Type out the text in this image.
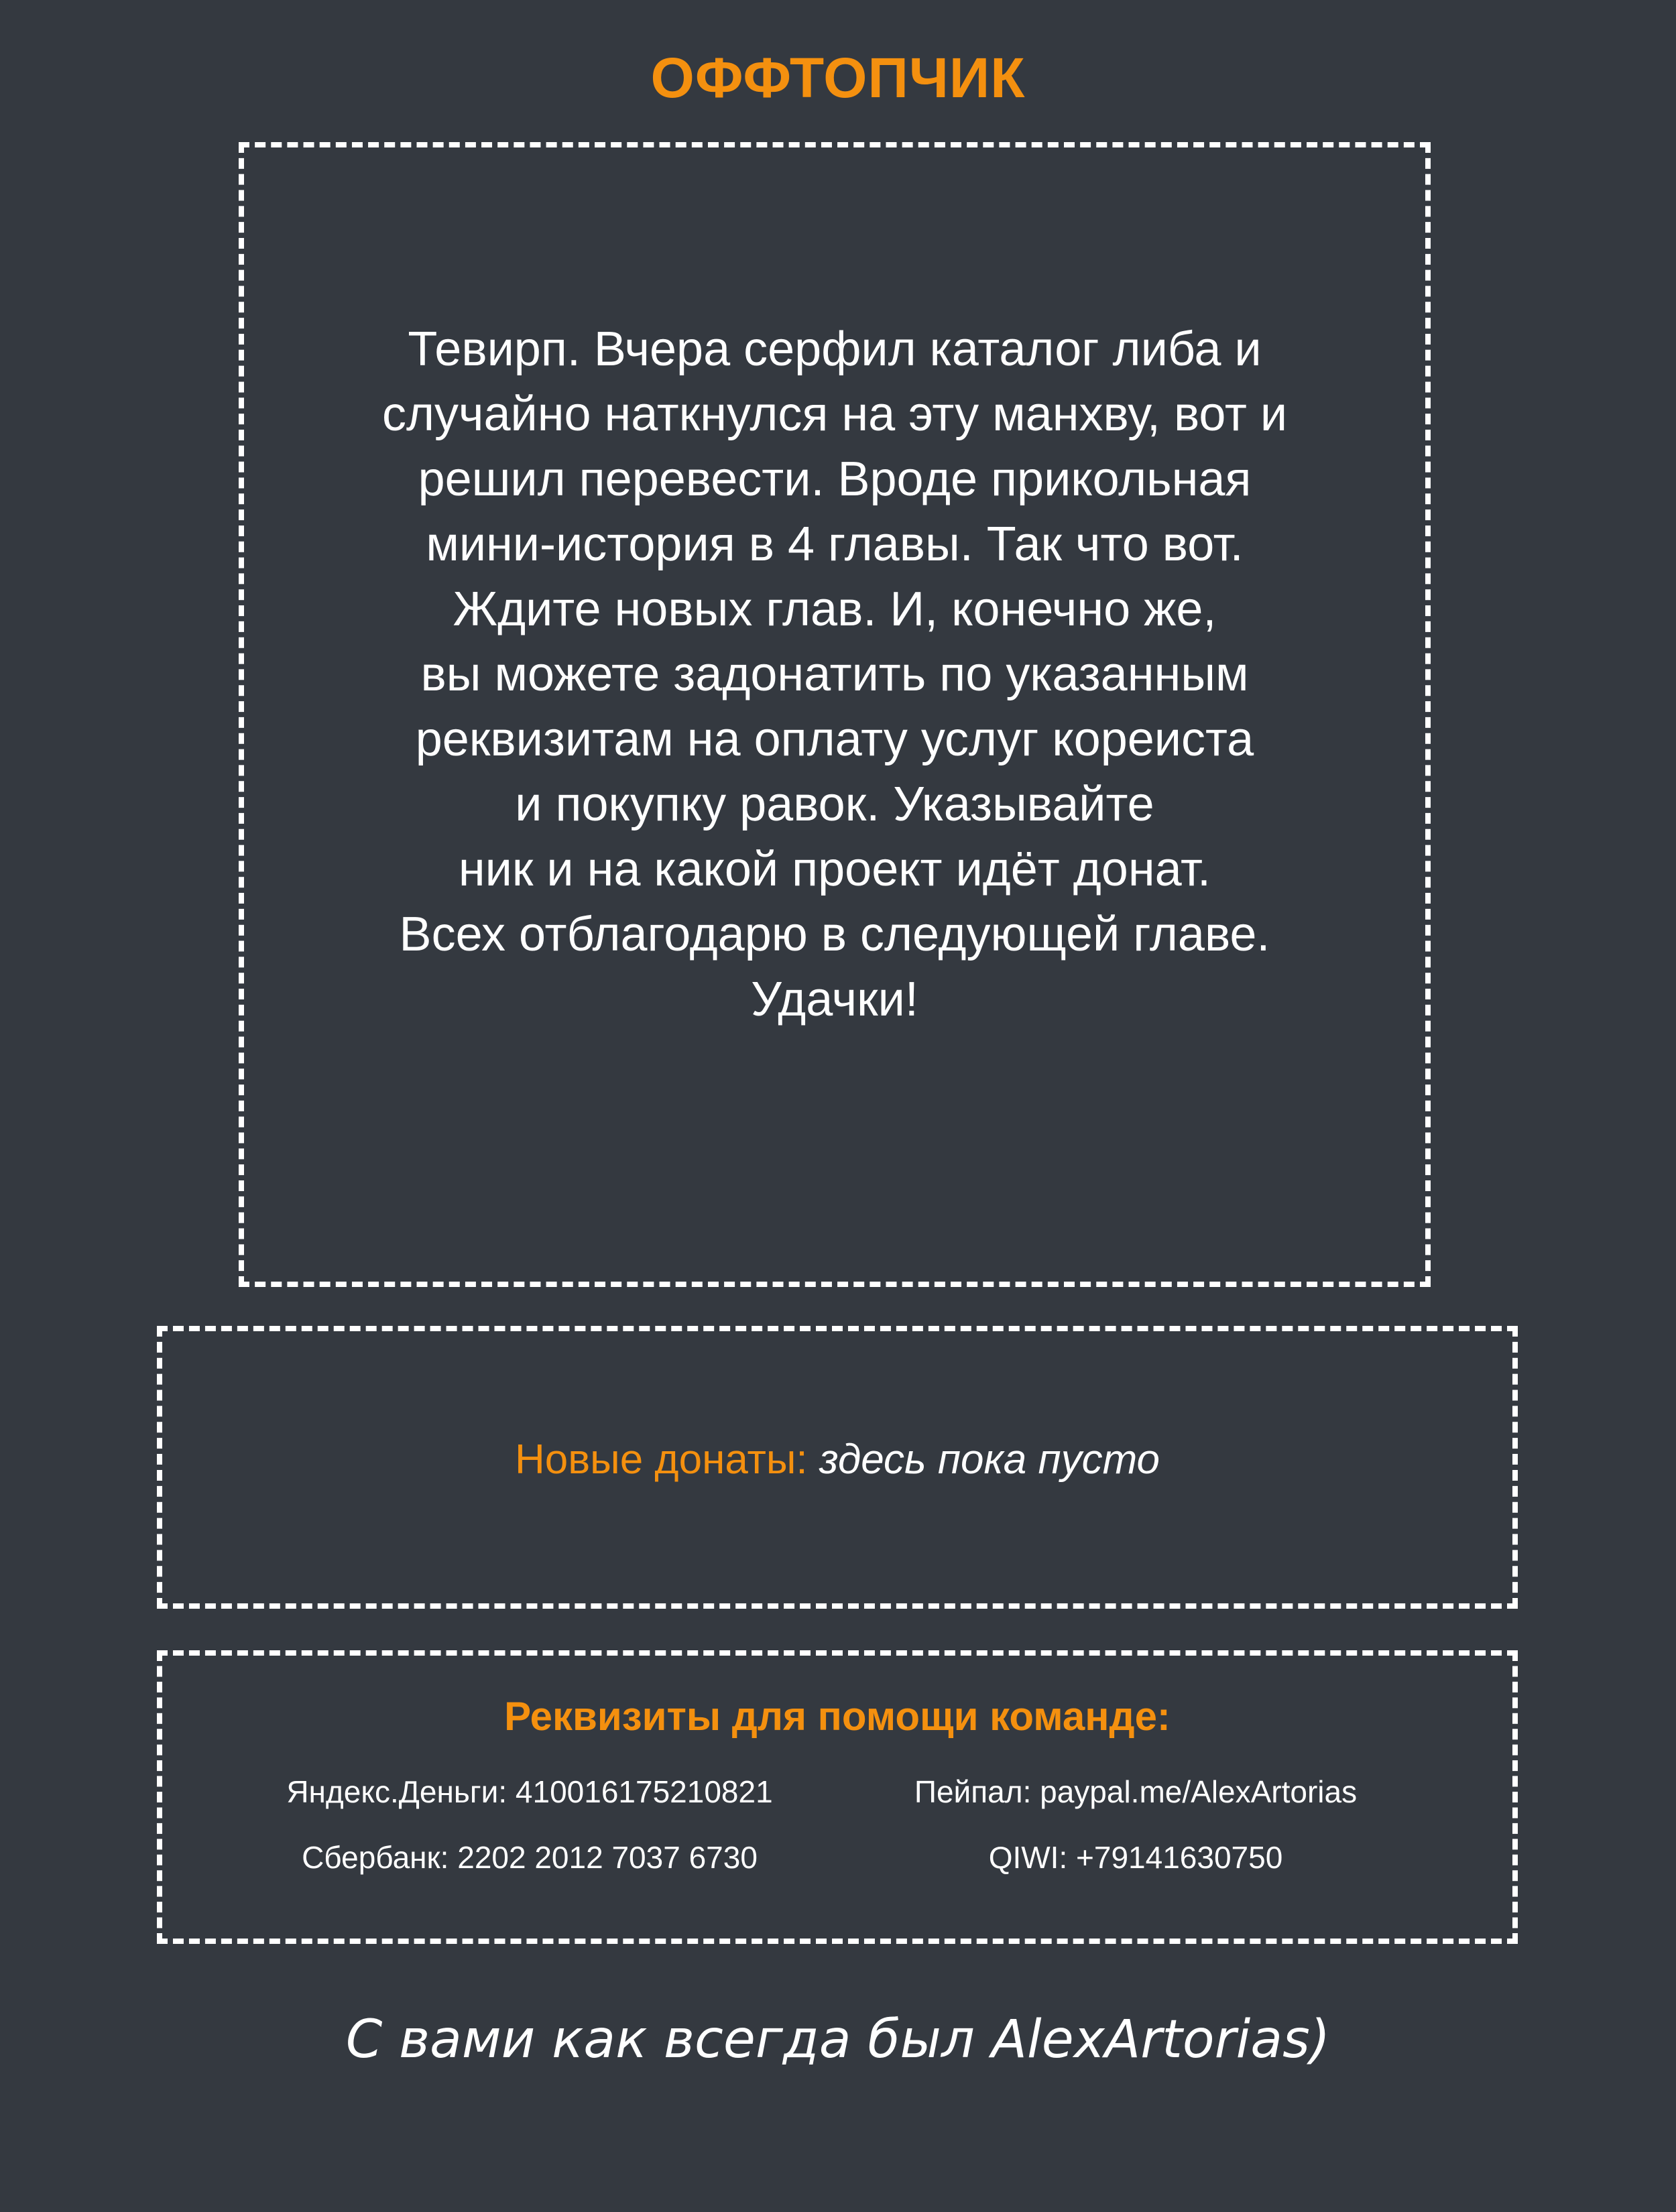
ОФФТОПЧИК

Тевирп. Вчера серфил каталог либа и
случайно наткнулся на эту манхву, вот и
решил перевести. Вроде прикольная
мини-история в 4 главы. Так что вот.
Ждите новых глав. И, конечно же,
вы можете задонатить по указанным
реквизитам на оплату услуг кореиста
и покупку равок. Указывайте
ник и на какой проект идёт донат.
Всех отблагодарю в следующей главе.
Удачки!

Новые донаты: здесь пока пусто
Реквизиты для помощи команде:
Яндекс.Деньги: 410016175210821	Пейпал: paypal.me/AlexArtorias
Сбербанк: 2202 2012 7037 6730	QIWI: +79141630750
С вами как всегда был AlexArtorias)
